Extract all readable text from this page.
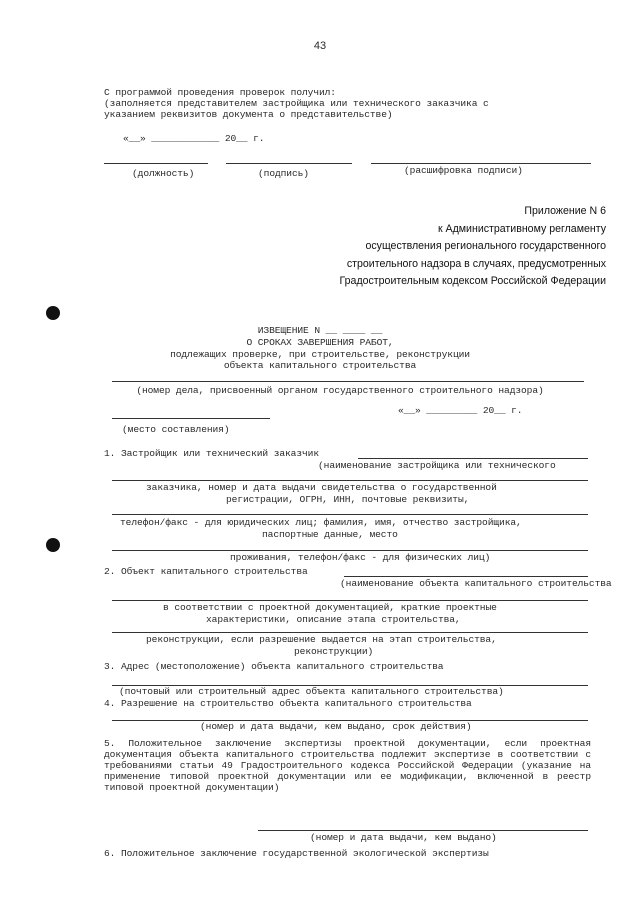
43
С программой проведения проверок получил:
(заполняется представителем застройщика или технического заказчика с
указанием реквизитов документа о представительстве)
«__» ____________ 20__ г.
(должность)	(подпись)	(расшифровка подписи)
Приложение N 6
к Административному регламенту
осуществления регионального государственного
строительного надзора в случаях, предусмотренных
Градостроительным кодексом Российской Федерации
ИЗВЕЩЕНИЕ N __ ____ __
О СРОКАХ ЗАВЕРШЕНИЯ РАБОТ,
подлежащих проверке, при строительстве, реконструкции
объекта капитального строительства
(номер дела, присвоенный органом государственного строительного надзора)
«__» _________ 20__ г.
(место составления)
1. Застройщик или технический заказчик
(наименование застройщика или технического
заказчика, номер и дата выдачи свидетельства о государственной
регистрации, ОГРН, ИНН, почтовые реквизиты,
телефон/факс - для юридических лиц; фамилия, имя, отчество застройщика,
паспортные данные, место
проживания, телефон/факс - для физических лиц)
2. Объект капитального строительства
(наименование объекта капитального строительства
в соответствии с проектной документацией, краткие проектные
характеристики, описание этапа строительства,
реконструкции, если разрешение выдается на этап строительства,
реконструкции)
3. Адрес (местоположение) объекта капитального строительства
(почтовый или строительный адрес объекта капитального строительства)
4. Разрешение на строительство объекта капитального строительства
(номер и дата выдачи, кем выдано, срок действия)
5. Положительное заключение экспертизы проектной документации, если проектная документация объекта капитального строительства подлежит экспертизе в соответствии с требованиями статьи 49 Градостроительного кодекса Российской Федерации (указание на применение типовой проектной документации или ее модификации, включенной в реестр типовой проектной документации)
(номер и дата выдачи, кем выдано)
6. Положительное заключение государственной экологической экспертизы
